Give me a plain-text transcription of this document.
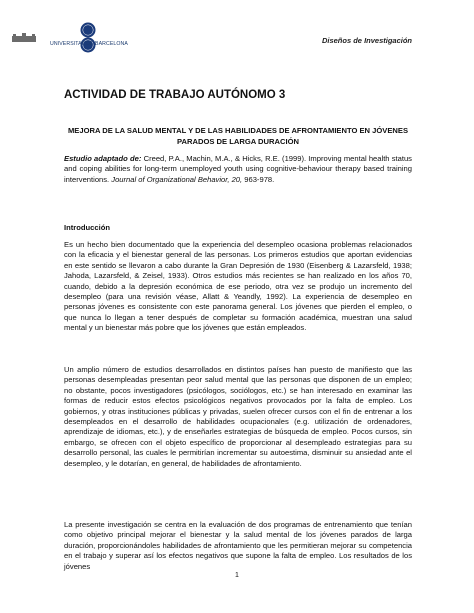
UNIVERSITAT DE BARCELONA	Diseños de Investigación
ACTIVIDAD DE TRABAJO AUTÓNOMO 3
MEJORA DE LA SALUD MENTAL Y DE LAS HABILIDADES DE AFRONTAMIENTO EN JÓVENES PARADOS DE LARGA DURACIÓN
Estudio adaptado de: Creed, P.A., Machin, M.A., & Hicks, R.E. (1999). Improving mental health status and coping abilities for long-term unemployed youth using cognitive-behaviour therapy based training interventions. Journal of Organizational Behavior, 20, 963-978.
Introducción
Es un hecho bien documentado que la experiencia del desempleo ocasiona problemas relacionados con la eficacia y el bienestar general de las personas. Los primeros estudios que aportan evidencias en este sentido se llevaron a cabo durante la Gran Depresión de 1930 (Eisenberg & Lazarsfeld, 1938; Jahoda, Lazarsfeld, & Zeisel, 1933). Otros estudios más recientes se han realizado en los años 70, cuando, debido a la depresión económica de ese periodo, otra vez se produjo un incremento del desempleo (para una revisión véase, Allatt & Yeandly, 1992). La experiencia de desempleo en personas jóvenes es consistente con este panorama general. Los jóvenes que pierden el empleo, o que nunca lo llegan a tener después de completar su formación académica, muestran una salud mental y un bienestar más pobre que los jóvenes que están empleados.
Un amplio número de estudios desarrollados en distintos países han puesto de manifiesto que las personas desempleadas presentan peor salud mental que las personas que disponen de un empleo; no obstante, pocos investigadores (psicólogos, sociólogos, etc.) se han interesado en examinar las formas de reducir estos efectos psicológicos negativos provocados por la falta de empleo. Los gobiernos, y otras instituciones públicas y privadas, suelen ofrecer cursos con el fin de entrenar a los desempleados en el desarrollo de habilidades ocupacionales (e.g. utilización de ordenadores, aprendizaje de idiomas, etc.), y de enseñarles estrategias de búsqueda de empleo. Pocos cursos, sin embargo, se ofrecen con el objeto específico de proporcionar al desempleado estrategias para su desarrollo personal, las cuales le permitirían incrementar su autoestima, disminuir su ansiedad ante el desempleo, y le dotarían, en general, de habilidades de afrontamiento.
La presente investigación se centra en la evaluación de dos programas de entrenamiento que tenían como objetivo principal mejorar el bienestar y la salud mental de los jóvenes parados de larga duración, proporcionándoles habilidades de afrontamiento que les permitieran mejorar su competencia en el trabajo y superar así los efectos negativos que supone la falta de empleo. Los resultados de los jóvenes
1
